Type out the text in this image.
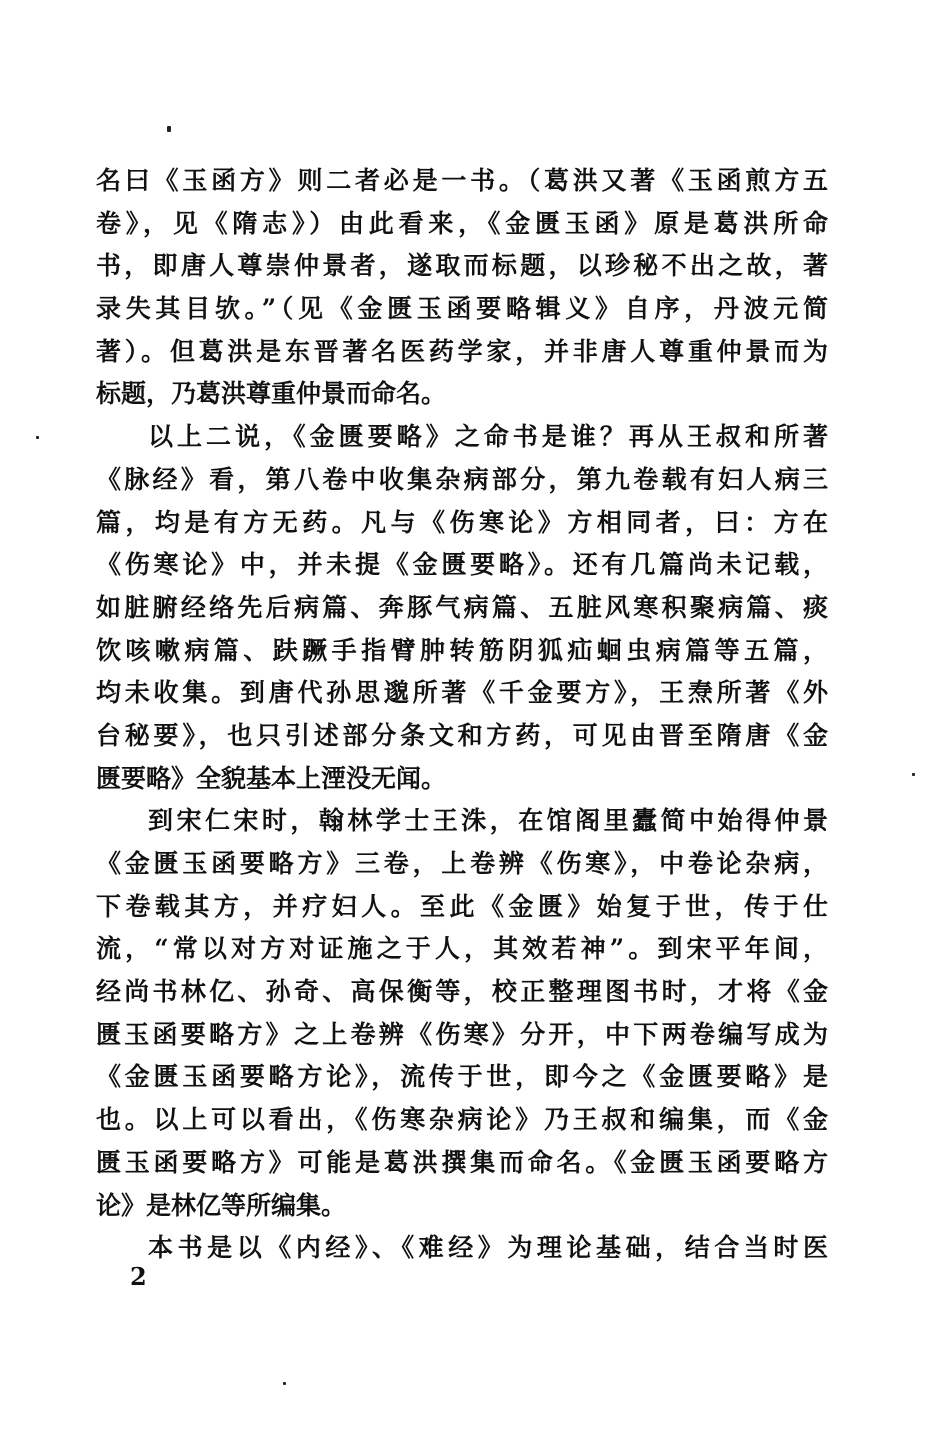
名曰《玉函方》则二者必是一书。（葛洪又著《玉函煎方五
卷》，见《隋志》）由此看来，《金匮玉函》原是葛洪所命
书，即唐人尊崇仲景者，遂取而标题，以珍秘不出之故，著
录失其目欤。”（见《金匮玉函要略辑义》自序，丹波元简
著）。但葛洪是东晋著名医药学家，并非唐人尊重仲景而为
标题，乃葛洪尊重仲景而命名。
以上二说，《金匮要略》之命书是谁？再从王叔和所著
《脉经》看，第八卷中收集杂病部分，第九卷载有妇人病三
篇，均是有方无药。凡与《伤寒论》方相同者，曰：方在
《伤寒论》中，并未提《金匮要略》。还有几篇尚未记载，
如脏腑经络先后病篇、奔豚气病篇、五脏风寒积聚病篇、痰
饮咳嗽病篇、趺蹶手指臂肿转筋阴狐疝蛔虫病篇等五篇，
均未收集。到唐代孙思邈所著《千金要方》，王焘所著《外
台秘要》，也只引述部分条文和方药，可见由晋至隋唐《金
匮要略》全貌基本上湮没无闻。
到宋仁宋时，翰林学士王洙，在馆阁里蠹简中始得仲景
《金匮玉函要略方》三卷，上卷辨《伤寒》，中卷论杂病，
下卷载其方，并疗妇人。至此《金匮》始复于世，传于仕
流，“常以对方对证施之于人，其效若神”。到宋平年间，
经尚书林亿、孙奇、高保衡等，校正整理图书时，才将《金
匮玉函要略方》之上卷辨《伤寒》分开，中下两卷编写成为
《金匮玉函要略方论》，流传于世，即今之《金匮要略》是
也。以上可以看出，《伤寒杂病论》乃王叔和编集，而《金
匮玉函要略方》可能是葛洪撰集而命名。《金匮玉函要略方
论》是林亿等所编集。
本书是以《内经》、《难经》为理论基础，结合当时医
2
